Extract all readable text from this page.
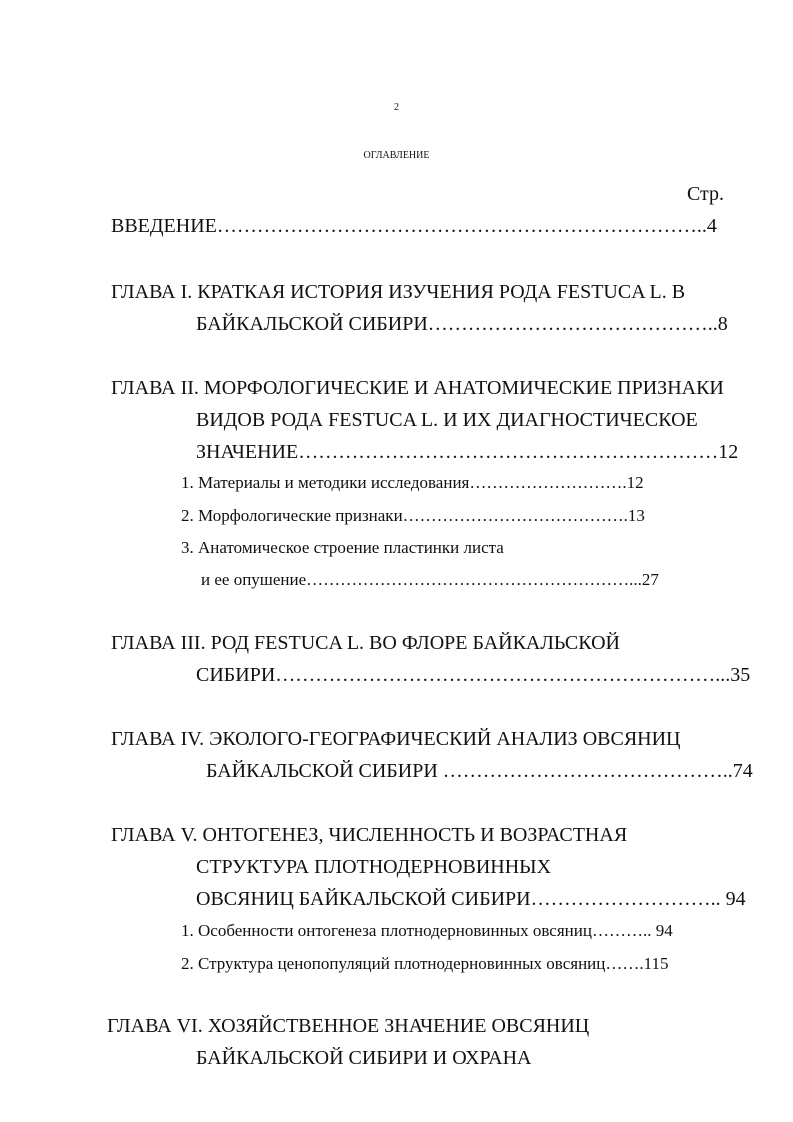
2
ОГЛАВЛЕНИЕ
Стр.
ВВЕДЕНИЕ………………………………………………………………..4
ГЛАВА I. КРАТКАЯ ИСТОРИЯ ИЗУЧЕНИЯ РОДА FESTUCA L. В
БАЙКАЛЬСКОЙ СИБИРИ……………………………………..8
ГЛАВА II. МОРФОЛОГИЧЕСКИЕ И АНАТОМИЧЕСКИЕ ПРИЗНАКИ
ВИДОВ РОДА FESTUCA L. И ИХ ДИАГНОСТИЧЕСКОЕ
ЗНАЧЕНИЕ………………………………………………………12
1. Материалы и методики исследования……………………….12
2. Морфологические признаки………………………………….13
3. Анатомическое строение пластинки листа
и ее опушение…………………………………………………...27
ГЛАВА III. РОД FESTUCA L. ВО ФЛОРЕ БАЙКАЛЬСКОЙ
СИБИРИ…………………………………………………………...35
ГЛАВА IV. ЭКОЛОГО-ГЕОГРАФИЧЕСКИЙ АНАЛИЗ ОВСЯНИЦ
БАЙКАЛЬСКОЙ СИБИРИ ……………………………………..74
ГЛАВА V. ОНТОГЕНЕЗ, ЧИСЛЕННОСТЬ И ВОЗРАСТНАЯ
СТРУКТУРА ПЛОТНОДЕРНОВИННЫХ
ОВСЯНИЦ БАЙКАЛЬСКОЙ СИБИРИ……………………….. 94
1. Особенности онтогенеза плотнодерновинных овсяниц……….. 94
2. Структура ценопопуляций плотнодерновинных овсяниц…….115
ГЛАВА VI. ХОЗЯЙСТВЕННОЕ ЗНАЧЕНИЕ ОВСЯНИЦ
БАЙКАЛЬСКОЙ СИБИРИ И ОХРАНА
